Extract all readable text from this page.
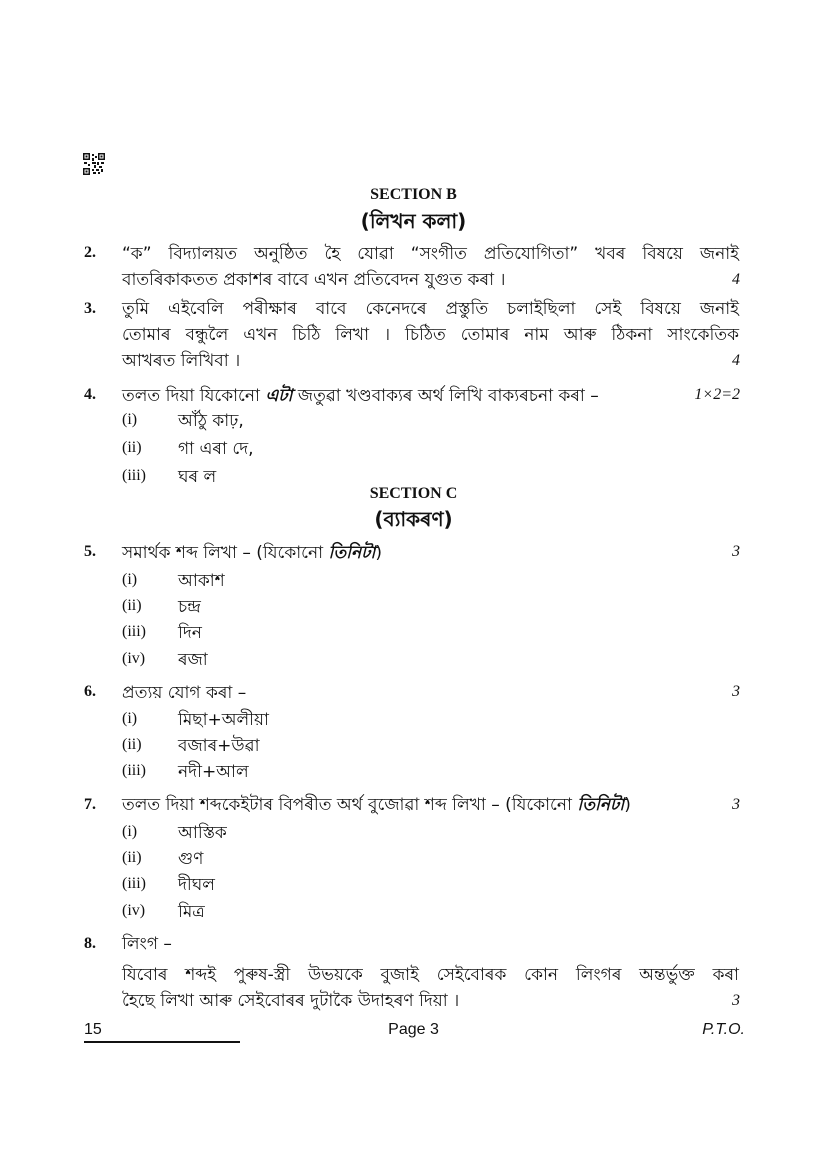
SECTION B
(লিখন কলা)
2. “ক” বিদ্যালয়ত অনুষ্ঠিত হৈ যোৱা “সংগীত প্ৰতিযোগিতা” খবৰ বিষয়ে জনাই
বাতৰিকাকতত প্ৰকাশৰ বাবে এখন প্ৰতিবেদন যুগুত কৰা ।	4
3. তুমি এইবেলি পৰীক্ষাৰ বাবে কেনেদৰে প্ৰস্তুতি চলাইছিলা সেই বিষয়ে জনাই
তোমাৰ বন্ধুলৈ এখন চিঠি লিখা । চিঠিত তোমাৰ নাম আৰু ঠিকনা সাংকেতিক
আখৰত লিখিবা ।	4
4. তলত দিয়া যিকোনো এটা জতুৱা খণ্ডবাক্যৰ অৰ্থ লিখি বাক্যৰচনা কৰা –	1×2=2
(i) আঁঠু কাঢ়,
(ii) গা এৰা দে,
(iii) ঘৰ ল
SECTION C
(ব্যাকৰণ)
5. সমাৰ্থক শব্দ লিখা – (যিকোনো তিনিটা)	3
(i) আকাশ
(ii) চন্দ্ৰ
(iii) দিন
(iv) ৰজা
6. প্ৰত্যয় যোগ কৰা –	3
(i) মিছা+অলীয়া
(ii) বজাৰ+উৱা
(iii) নদী+আল
7. তলত দিয়া শব্দকেইটাৰ বিপৰীত অৰ্থ বুজোৱা শব্দ লিখা – (যিকোনো তিনিটা)	3
(i) আস্তিক
(ii) গুণ
(iii) দীঘল
(iv) মিত্ৰ
8. লিংগ –
যিবোৰ শব্দই পুৰুষ-স্ত্ৰী উভয়কে বুজাই সেইবোৰক কোন লিংগৰ অন্তৰ্ভুক্ত কৰা
হৈছে লিখা আৰু সেইবোৰৰ দুটাকৈ উদাহৰণ দিয়া ।	3
15	Page 3	P.T.O.
